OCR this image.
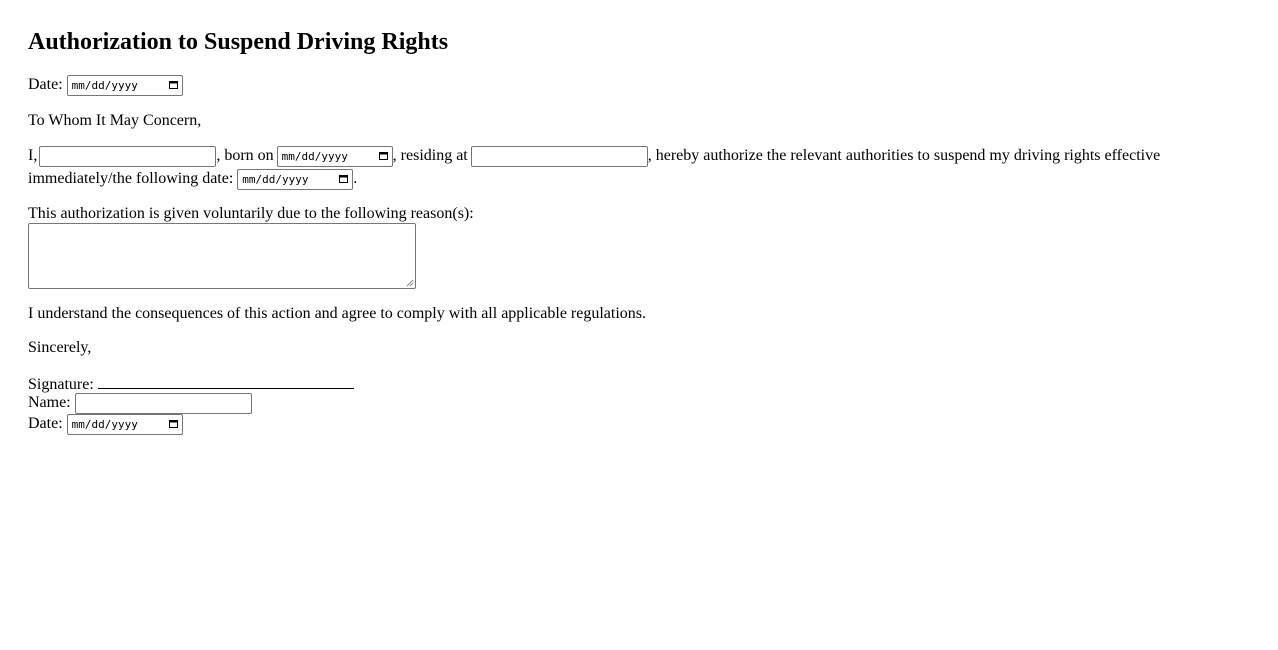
Authorization to Suspend Driving Rights
Date: mm/dd/yyyy
To Whom It May Concern,
I,	, born on mm/dd/yyyy	, residing at	, hereby authorize the relevant authorities to suspend my driving rights effective
immediately/the following date: mm/dd/yyyy	.
This authorization is given voluntarily due to the following reason(s):
I understand the consequences of this action and agree to comply with all applicable regulations.
Sincerely,
Signature:
Name:
Date: mm/dd/yyyy
